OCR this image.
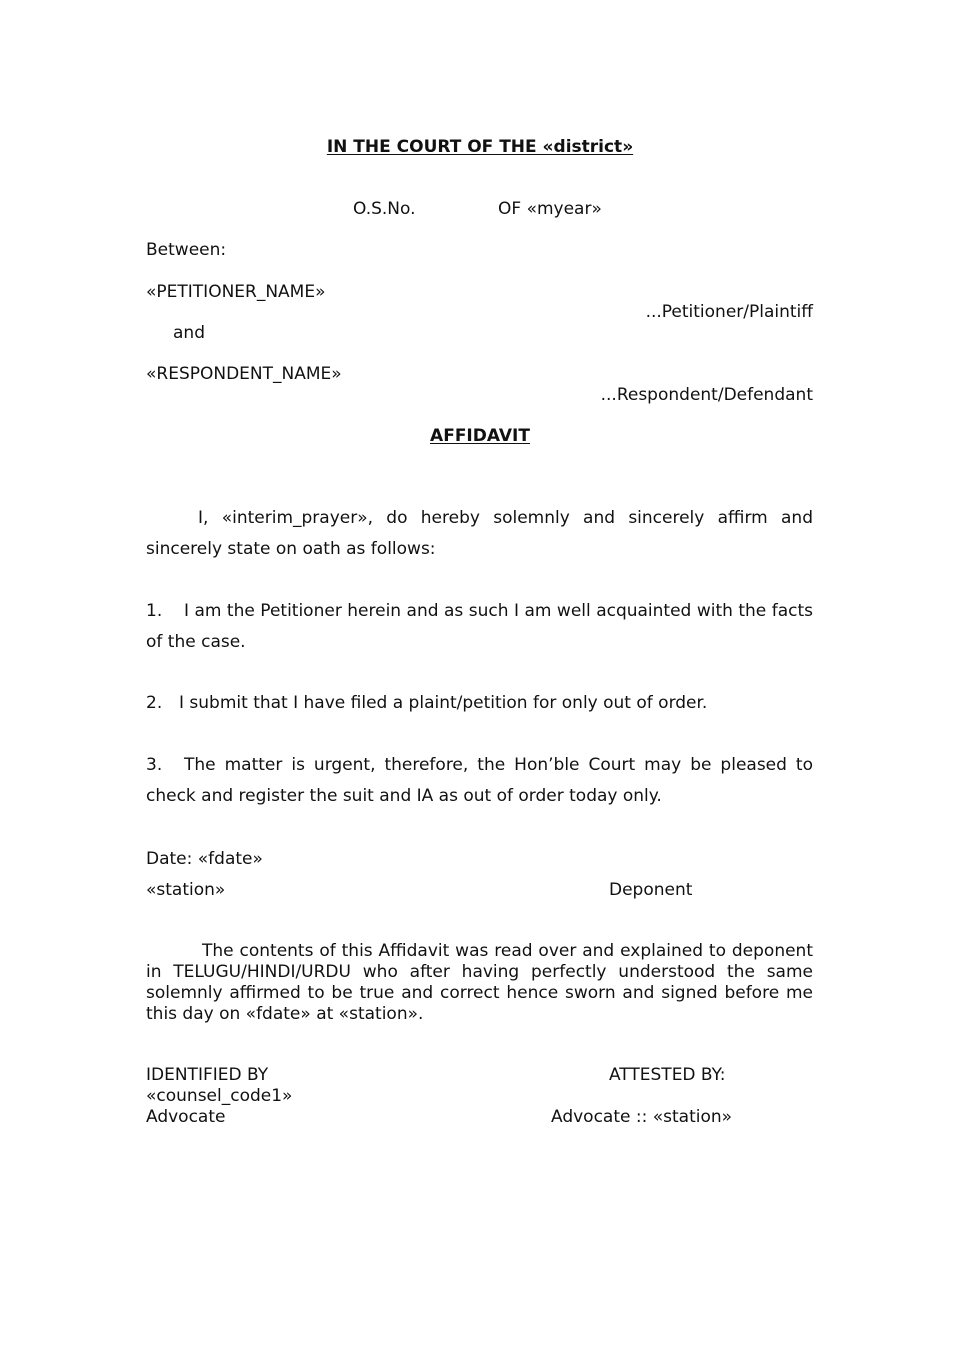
IN THE COURT OF THE «district»
O.S.No.	OF «myear»
Between:
«PETITIONER_NAME»
...Petitioner/Plaintiff
and
«RESPONDENT_NAME»
...Respondent/Defendant
AFFIDAVIT
I, «interim_prayer», do hereby solemnly and sincerely affirm and sincerely state on oath as follows:
1. I am the Petitioner herein and as such I am well acquainted with the facts of the case.
2. I submit that I have filed a plaint/petition for only out of order.
3. The matter is urgent, therefore, the Hon’ble Court may be pleased to check and register the suit and IA as out of order today only.
Date: «fdate»
«station»	Deponent
The contents of this Affidavit was read over and explained to deponent in TELUGU/HINDI/URDU who after having perfectly understood the same solemnly affirmed to be true and correct hence sworn and signed before me this day on «fdate» at «station».
IDENTIFIED BY
«counsel_code1»
Advocate
ATTESTED BY:
Advocate :: «station»
